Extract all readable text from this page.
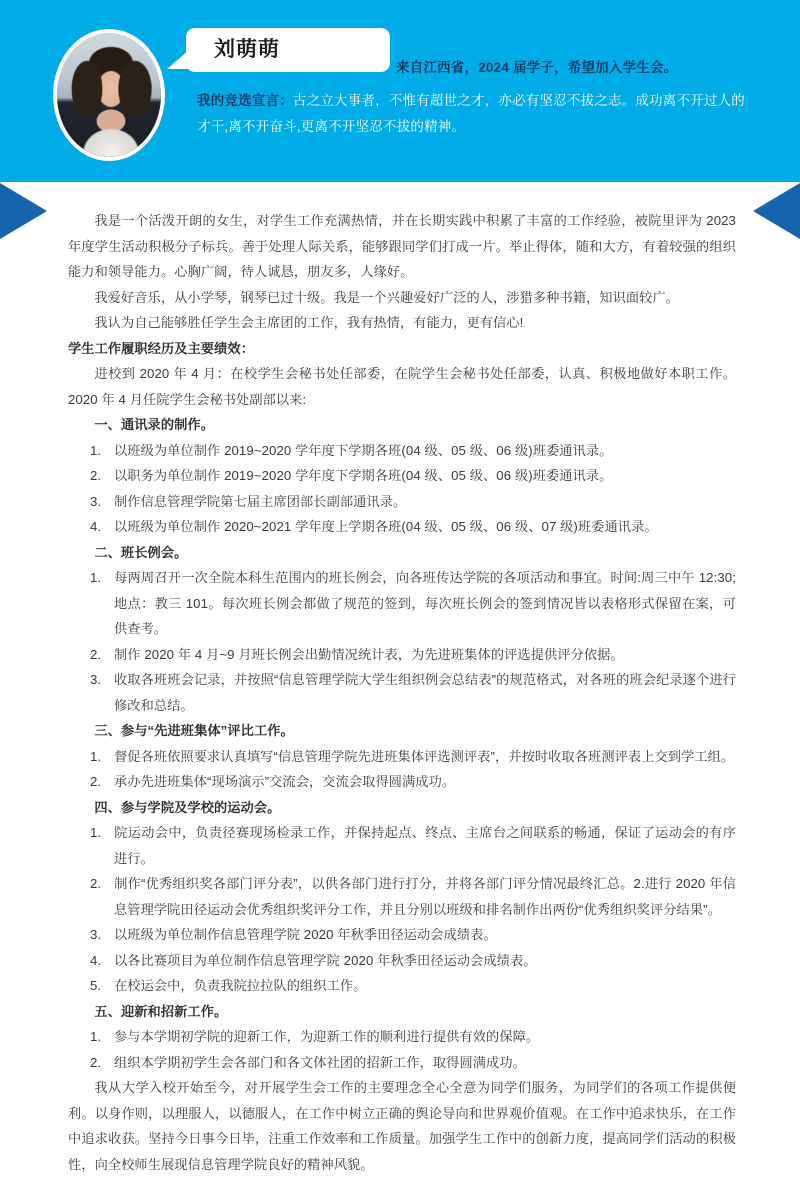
刘萌萌
来自江西省，2024 届学子，希望加入学生会。
我的竞选宣言：古之立大事者，不惟有超世之才，亦必有坚忍不拔之志。成功离不开过人的才干,离不开奋斗,更离不开坚忍不拔的精神。

我是一个活泼开朗的女生，对学生工作充满热情，并在长期实践中积累了丰富的工作经验，被院里评为 2023 年度学生活动积极分子标兵。善于处理人际关系，能够跟同学们打成一片。举止得体，随和大方，有着较强的组织能力和领导能力。心胸广阔，待人诚恳，朋友多，人缘好。

我爱好音乐，从小学琴，钢琴已过十级。我是一个兴趣爱好广泛的人，涉猎多种书籍，知识面较广。

我认为自己能够胜任学生会主席团的工作，我有热情，有能力，更有信心!

学生工作履职经历及主要绩效：

进校到 2020 年 4 月：在校学生会秘书处任部委，在院学生会秘书处任部委，认真、积极地做好本职工作。2020 年 4 月任院学生会秘书处副部以来:

一、通讯录的制作。

1. 以班级为单位制作 2019~2020 学年度下学期各班(04 级、05 级、06 级)班委通讯录。

2. 以职务为单位制作 2019~2020 学年度下学期各班(04 级、05 级、06 级)班委通讯录。

3. 制作信息管理学院第七届主席团部长副部通讯录。

4. 以班级为单位制作 2020~2021 学年度上学期各班(04 级、05 级、06 级、07 级)班委通讯录。

二、班长例会。

1. 每两周召开一次全院本科生范围内的班长例会，向各班传达学院的各项活动和事宜。时间:周三中午 12:30;地点：教三 101。每次班长例会都做了规范的签到，每次班长例会的签到情况皆以表格形式保留在案，可供查考。

2. 制作 2020 年 4 月~9 月班长例会出勤情况统计表，为先进班集体的评选提供评分依据。

3. 收取各班班会记录，并按照“信息管理学院大学生组织例会总结表”的规范格式，对各班的班会纪录逐个进行修改和总结。

三、参与“先进班集体”评比工作。

1. 督促各班依照要求认真填写“信息管理学院先进班集体评选测评表”，并按时收取各班测评表上交到学工组。

2. 承办先进班集体“现场演示”交流会，交流会取得圆满成功。

四、参与学院及学校的运动会。

1. 院运动会中，负责径赛现场检录工作，并保持起点、终点、主席台之间联系的畅通，保证了运动会的有序进行。

2. 制作“优秀组织奖各部门评分表”，以供各部门进行打分，并将各部门评分情况最终汇总。2.进行 2020 年信息管理学院田径运动会优秀组织奖评分工作，并且分别以班级和排名制作出两份“优秀组织奖评分结果”。

3. 以班级为单位制作信息管理学院 2020 年秋季田径运动会成绩表。

4. 以各比赛项目为单位制作信息管理学院 2020 年秋季田径运动会成绩表。

5. 在校运会中，负责我院拉拉队的组织工作。

五、迎新和招新工作。

1. 参与本学期初学院的迎新工作，为迎新工作的顺利进行提供有效的保障。

2. 组织本学期初学生会各部门和各文体社团的招新工作，取得圆满成功。

我从大学入校开始至今，对开展学生会工作的主要理念全心全意为同学们服务，为同学们的各项工作提供便利。以身作则，以理服人，以德服人，在工作中树立正确的舆论导向和世界观价值观。在工作中追求快乐，在工作中追求收获。坚持今日事今日毕，注重工作效率和工作质量。加强学生工作中的创新力度，提高同学们活动的积极性，向全校师生展现信息管理学院良好的精神风貌。
